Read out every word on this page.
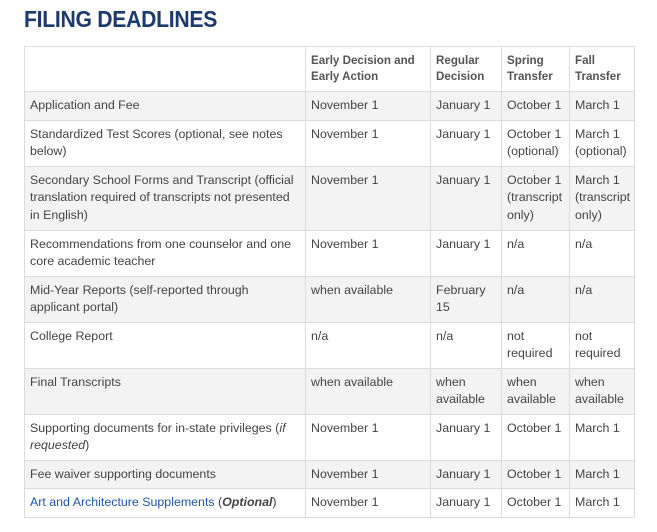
FILING DEADLINES
	Early Decision and Early Action	Regular Decision	Spring Transfer	Fall Transfer
Application and Fee	November 1	January 1	October 1	March 1
Standardized Test Scores (optional, see notes below)	November 1	January 1	October 1 (optional)	March 1 (optional)
Secondary School Forms and Transcript (official translation required of transcripts not presented in English)	November 1	January 1	October 1 (transcript only)	March 1 (transcript only)
Recommendations from one counselor and one core academic teacher	November 1	January 1	n/a	n/a
Mid-Year Reports (self-reported through applicant portal)	when available	February 15	n/a	n/a
College Report	n/a	n/a	not required	not required
Final Transcripts	when available	when available	when available	when available
Supporting documents for in-state privileges (if requested)	November 1	January 1	October 1	March 1
Fee waiver supporting documents	November 1	January 1	October 1	March 1
Art and Architecture Supplements (Optional)	November 1	January 1	October 1	March 1
